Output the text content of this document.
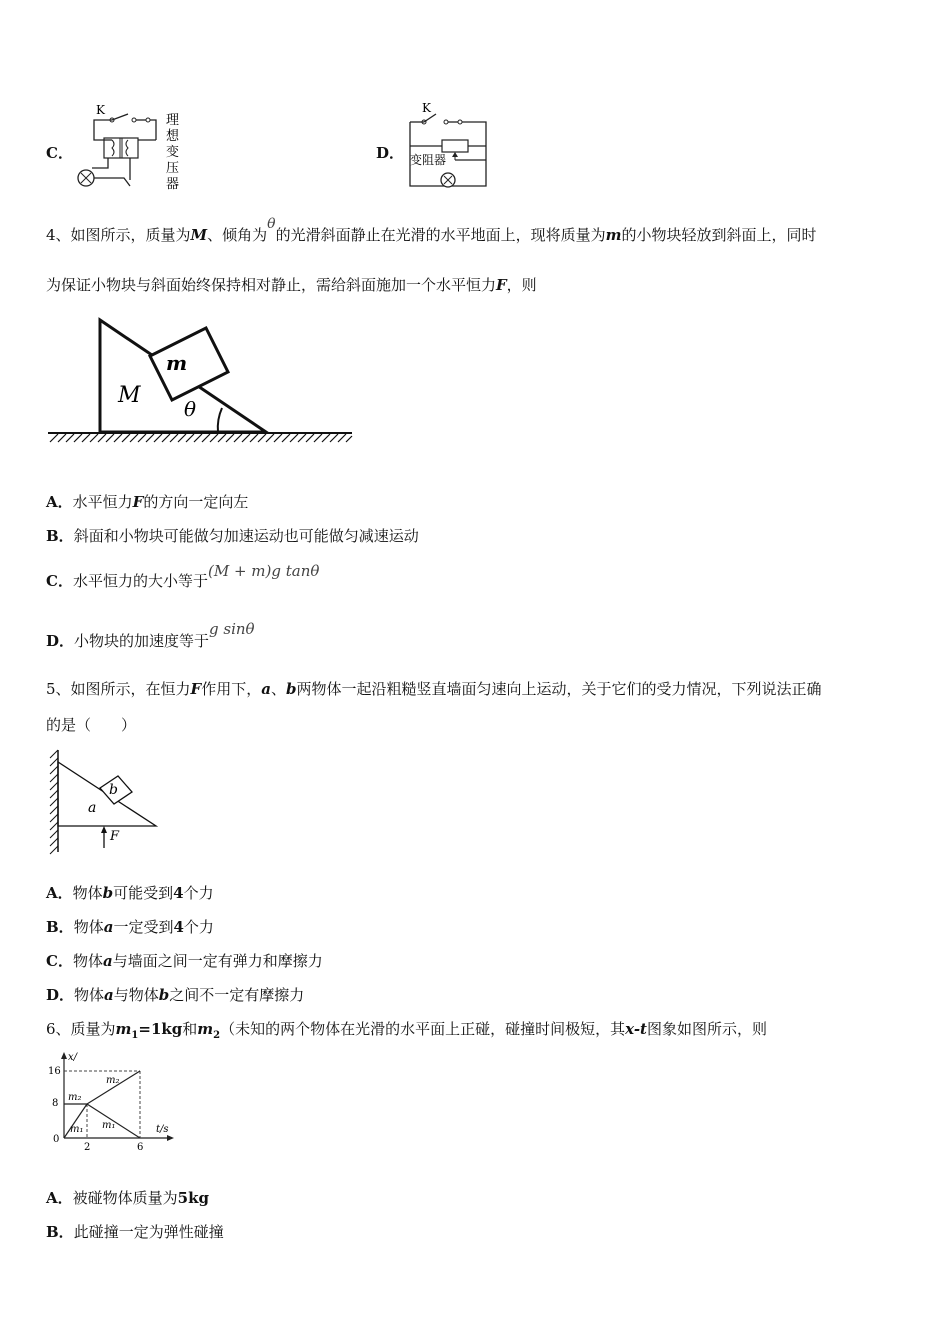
C．
K
理
想
变
压
器
D．
K
变阻器
4、如图所示，质量为M、倾角为θ的光滑斜面静止在光滑的水平地面上，现将质量为m的小物块轻放到斜面上，同时
为保证小物块与斜面始终保持相对静止，需给斜面施加一个水平恒力F，则
m
M
θ
A．水平恒力F的方向一定向左
B．斜面和小物块可能做匀加速运动也可能做匀减速运动
C．水平恒力的大小等于(M + m)g tanθ
D．小物块的加速度等于g sinθ
5、如图所示，在恒力F作用下，a、b两物体一起沿粗糙竖直墙面匀速向上运动，关于它们的受力情况，下列说法正确
的是（　　）
b
a
F
A．物体b可能受到4个力
B．物体a一定受到4个力
C．物体a与墙面之间一定有弹力和摩擦力
D．物体a与物体b之间不一定有摩擦力
6、质量为$m_1=1kg$和$m_2$（未知的两个物体在光滑的水平面上正碰，碰撞时间极短，其x-t图象如图所示，则
x/
t/s
16
8
0
2	6
m₂
m₂
m₁ m₁
A．被碰物体质量为5kg
B．此碰撞一定为弹性碰撞
